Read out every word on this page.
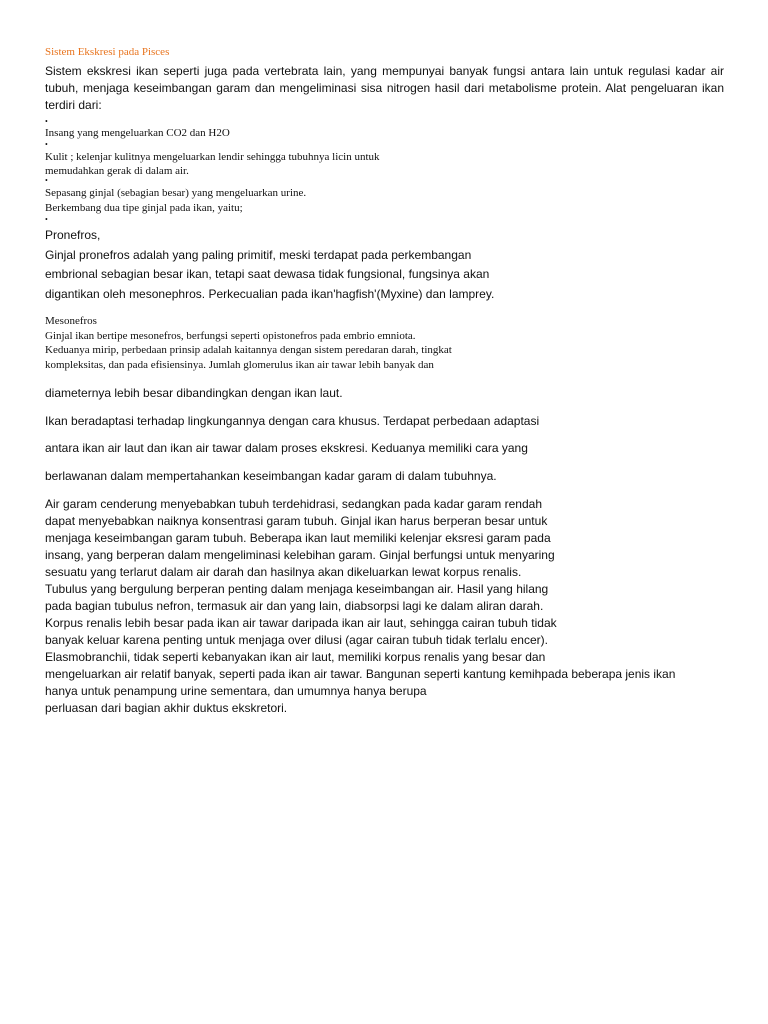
Sistem Ekskresi pada Pisces
Sistem ekskresi ikan seperti juga pada vertebrata lain, yang mempunyai banyak fungsi antara lain untuk regulasi kadar air tubuh, menjaga keseimbangan garam dan mengeliminasi sisa nitrogen hasil dari metabolisme protein. Alat pengeluaran ikan terdiri dari:
•
Insang yang mengeluarkan CO2 dan H2O
•
Kulit ; kelenjar kulitnya mengeluarkan lendir sehingga tubuhnya licin untuk
memudahkan gerak di dalam air.
•
Sepasang ginjal (sebagian besar) yang mengeluarkan urine.
Berkembang dua tipe ginjal pada ikan, yaitu;
•
Pronefros,
Ginjal pronefros adalah yang paling primitif, meski terdapat pada perkembangan
embrional sebagian besar ikan, tetapi saat dewasa tidak fungsional, fungsinya akan
digantikan oleh mesonephros. Perkecualian pada ikan'hagfish'(Myxine) dan lamprey.
Mesonefros
Ginjal ikan bertipe mesonefros, berfungsi seperti opistonefros pada embrio emniota.
Keduanya mirip, perbedaan prinsip adalah kaitannya dengan sistem peredaran darah, tingkat
kompleksitas, dan pada efisiensinya. Jumlah glomerulus ikan air tawar lebih banyak dan
diameternya lebih besar dibandingkan dengan ikan laut.
Ikan beradaptasi terhadap lingkungannya dengan cara khusus. Terdapat perbedaan adaptasi
antara ikan air laut dan ikan air tawar dalam proses ekskresi. Keduanya memiliki cara yang
berlawanan dalam mempertahankan keseimbangan kadar garam di dalam tubuhnya.
Air garam cenderung menyebabkan tubuh terdehidrasi, sedangkan pada kadar garam rendah
dapat menyebabkan naiknya konsentrasi garam tubuh. Ginjal ikan harus berperan besar untuk
menjaga keseimbangan garam tubuh. Beberapa ikan laut memiliki kelenjar eksresi garam pada
insang, yang berperan dalam mengeliminasi kelebihan garam. Ginjal berfungsi untuk menyaring
sesuatu yang terlarut dalam air darah dan hasilnya akan dikeluarkan lewat korpus renalis.
Tubulus yang bergulung berperan penting dalam menjaga keseimbangan air. Hasil yang hilang
pada bagian tubulus nefron, termasuk air dan yang lain, diabsorpsi lagi ke dalam aliran darah.
Korpus renalis lebih besar pada ikan air tawar daripada ikan air laut, sehingga cairan tubuh tidak
banyak keluar karena penting untuk menjaga over dilusi (agar cairan tubuh tidak terlalu encer).
Elasmobranchii, tidak seperti kebanyakan ikan air laut, memiliki korpus renalis yang besar dan
mengeluarkan air relatif banyak, seperti pada ikan air tawar. Bangunan seperti kantung kemihpada beberapa jenis ikan
hanya untuk penampung urine sementara, dan umumnya hanya berupa
perluasan dari bagian akhir duktus ekskretori.
